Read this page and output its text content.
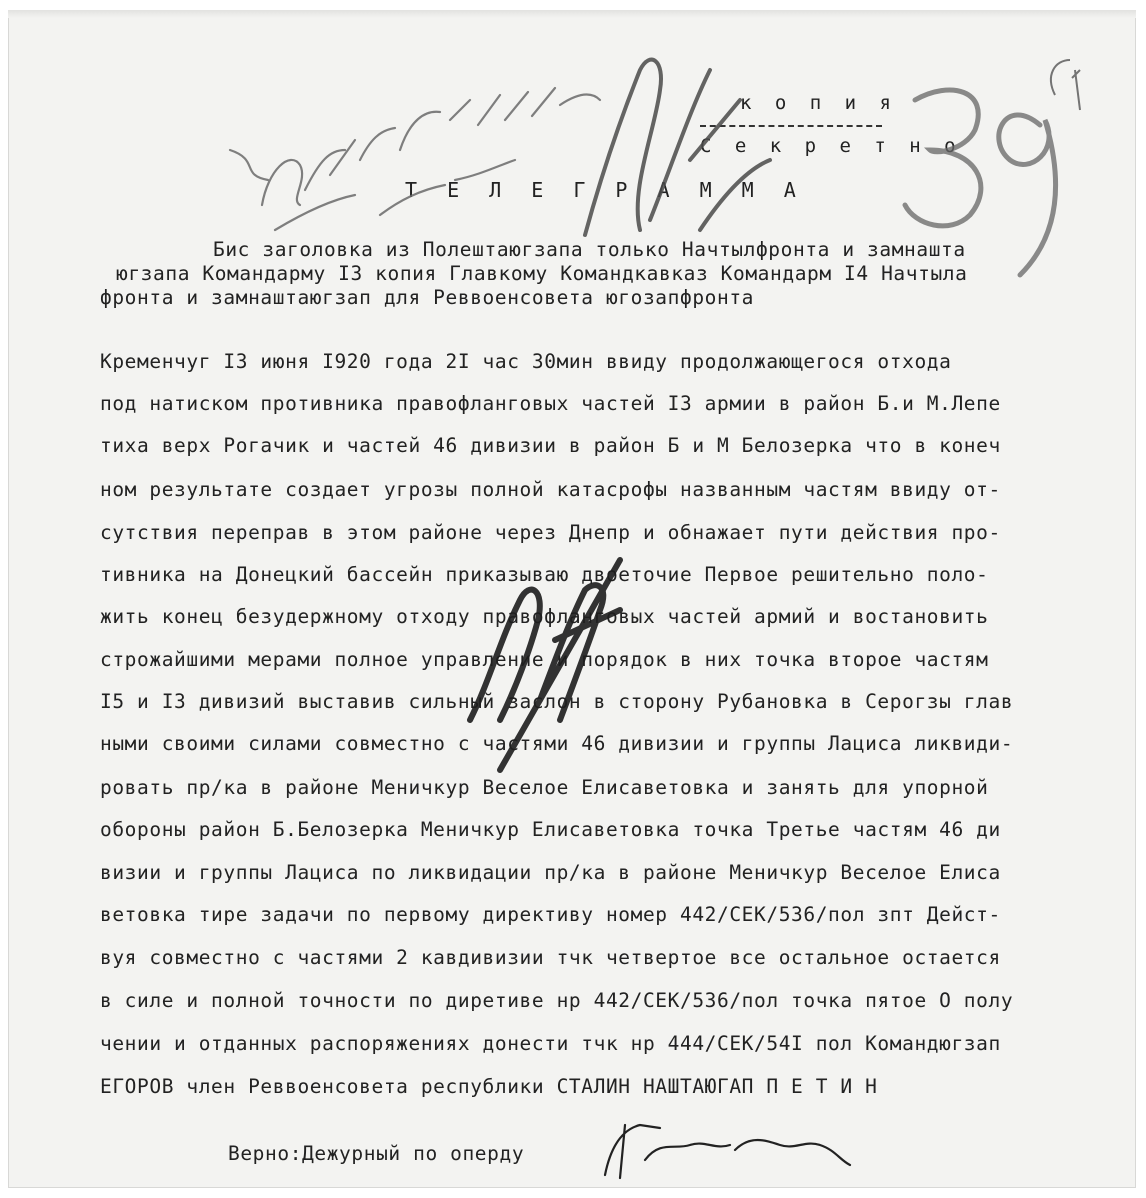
к о п и я
С е к р е т н о
Т Е Л Е Г Р А М М А
Бис заголовка из Полештаюгзапа только Начтылфронта и замнашта
югзапа Командарму I3 копия Главкому Командкавказ Командарм I4 Начтыла
фронта и замнаштаюгзап для Реввоенсовета югозапфронта
Кременчуг I3 июня I920 года 2I час 30мин ввиду продолжающегося отхода
под натиском противника правофланговых частей I3 армии в район Б.и М.Лепе
тиха верх Рогачик и частей 46 дивизии в район Б и М Белозерка что в конеч
ном результате создает угрозы полной катасрофы названным частям ввиду от-
сутствия переправ в этом районе через Днепр и обнажает пути действия про-
тивника на Донецкий бассейн приказываю двоеточие Первое решительно поло-
жить конец безудержному отходу правофланговых частей армий и востановить
строжайшими мерами полное управление и порядок в них точка второе частям
I5 и I3 дивизий выставив сильный заслон в сторону Рубановка в Серогзы глав
ными своими силами совместно с частями 46 дивизии и группы Лациса ликвиди-
ровать пр/ка в районе Меничкур Веселое Елисаветовка и занять для упорной
обороны район Б.Белозерка Меничкур Елисаветовка точка Третье частям 46 ди
визии и группы Лациса по ликвидации пр/ка в районе Меничкур Веселое Елиса
ветовка тире задачи по первому директиву номер 442/СЕК/536/пол зпт Дейст-
вуя совместно с частями 2 кавдивизии тчк четвертое все остальное остается
в силе и полной точности по диретиве нр 442/СЕК/536/пол точка пятое О полу
чении и отданных распоряжениях донести тчк нр 444/СЕК/54I пол Командюгзап
ЕГОРОВ член Реввоенсовета республики СТАЛИН НАШТАЮГАП П Е Т И Н
Верно:Дежурный по оперду
